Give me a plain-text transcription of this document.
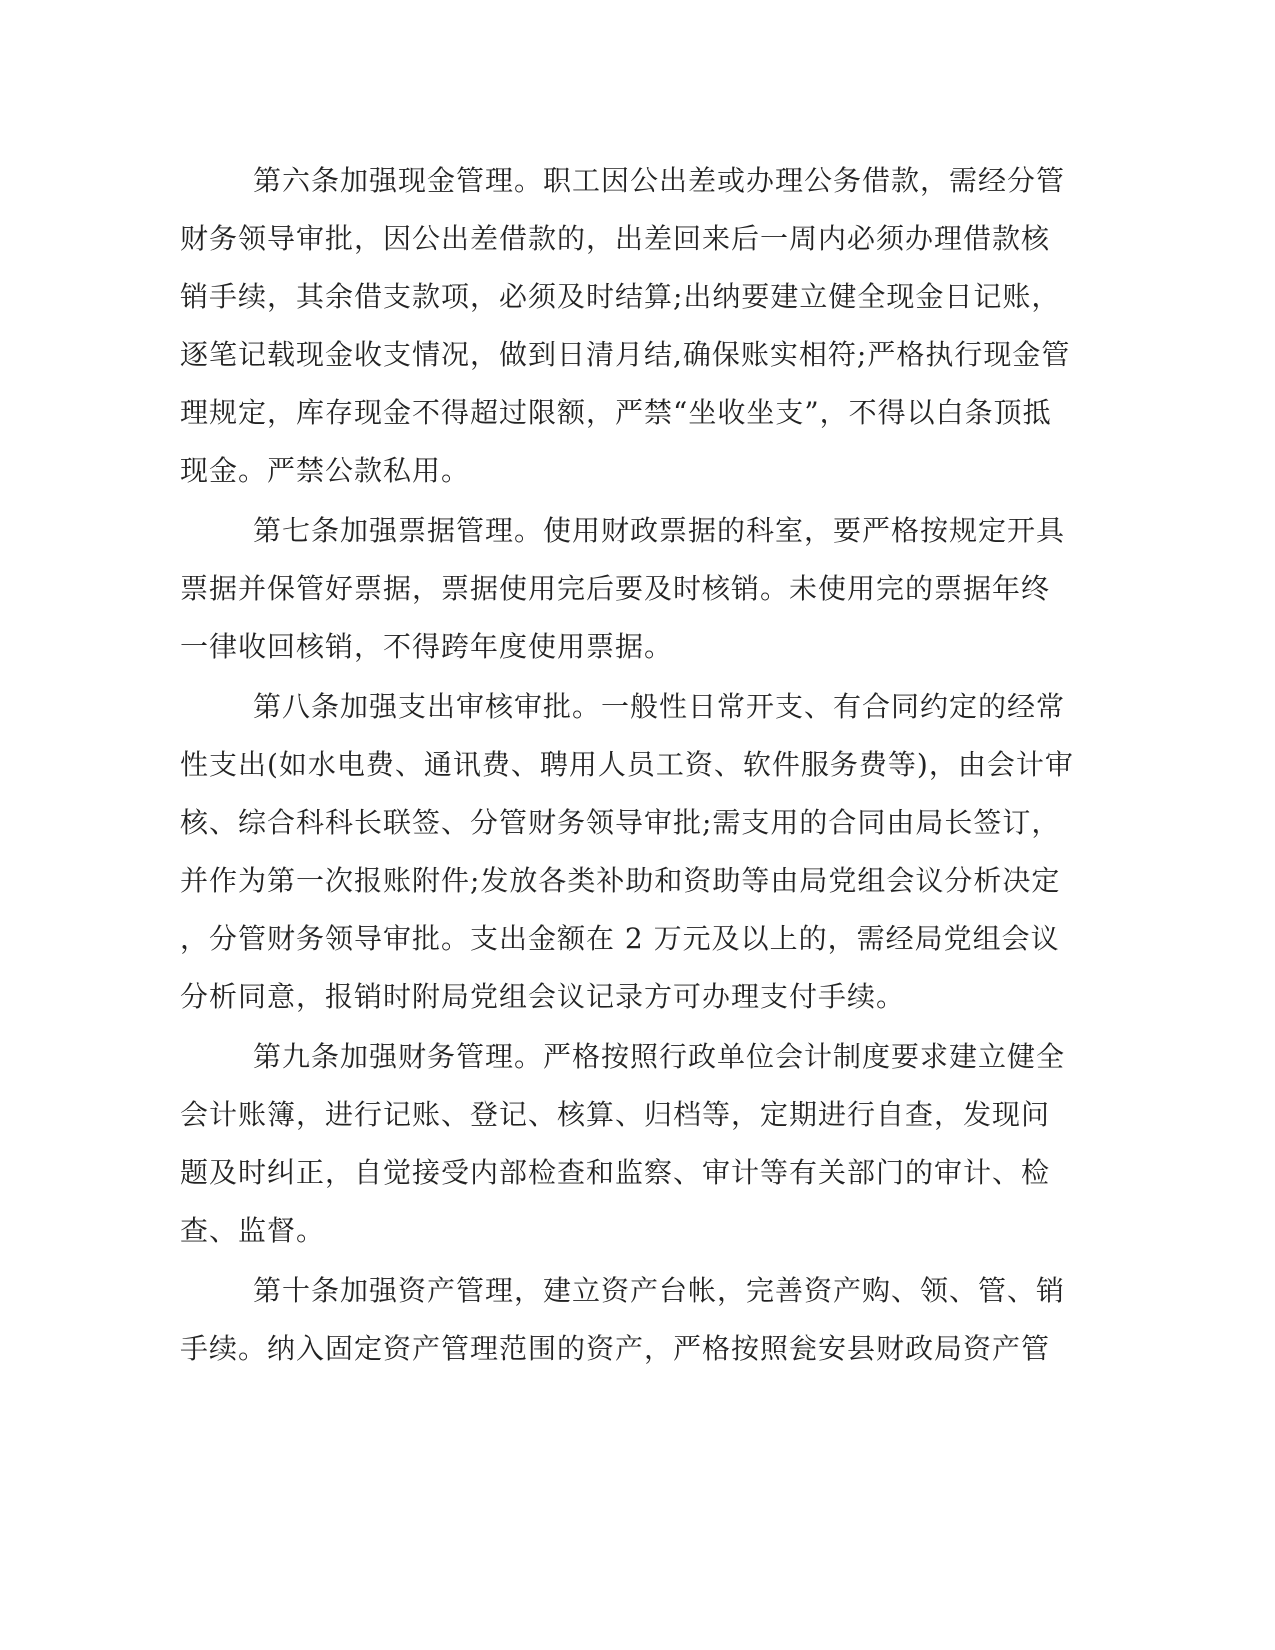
第六条加强现金管理。职工因公出差或办理公务借款，需经分管

财务领导审批，因公出差借款的，出差回来后一周内必须办理借款核

销手续，其余借支款项，必须及时结算;出纳要建立健全现金日记账，

逐笔记载现金收支情况，做到日清月结,确保账实相符;严格执行现金管

理规定，库存现金不得超过限额，严禁“坐收坐支”，不得以白条顶抵

现金。严禁公款私用。

第七条加强票据管理。使用财政票据的科室，要严格按规定开具

票据并保管好票据，票据使用完后要及时核销。未使用完的票据年终

一律收回核销，不得跨年度使用票据。

第八条加强支出审核审批。一般性日常开支、有合同约定的经常

性支出(如水电费、通讯费、聘用人员工资、软件服务费等)，由会计审

核、综合科科长联签、分管财务领导审批;需支用的合同由局长签订，

并作为第一次报账附件;发放各类补助和资助等由局党组会议分析决定

，分管财务领导审批。支出金额在 2 万元及以上的，需经局党组会议

分析同意，报销时附局党组会议记录方可办理支付手续。

第九条加强财务管理。严格按照行政单位会计制度要求建立健全

会计账簿，进行记账、登记、核算、归档等，定期进行自查，发现问

题及时纠正，自觉接受内部检查和监察、审计等有关部门的审计、检

查、监督。

第十条加强资产管理，建立资产台帐，完善资产购、领、管、销

手续。纳入固定资产管理范围的资产，严格按照瓮安县财政局资产管
